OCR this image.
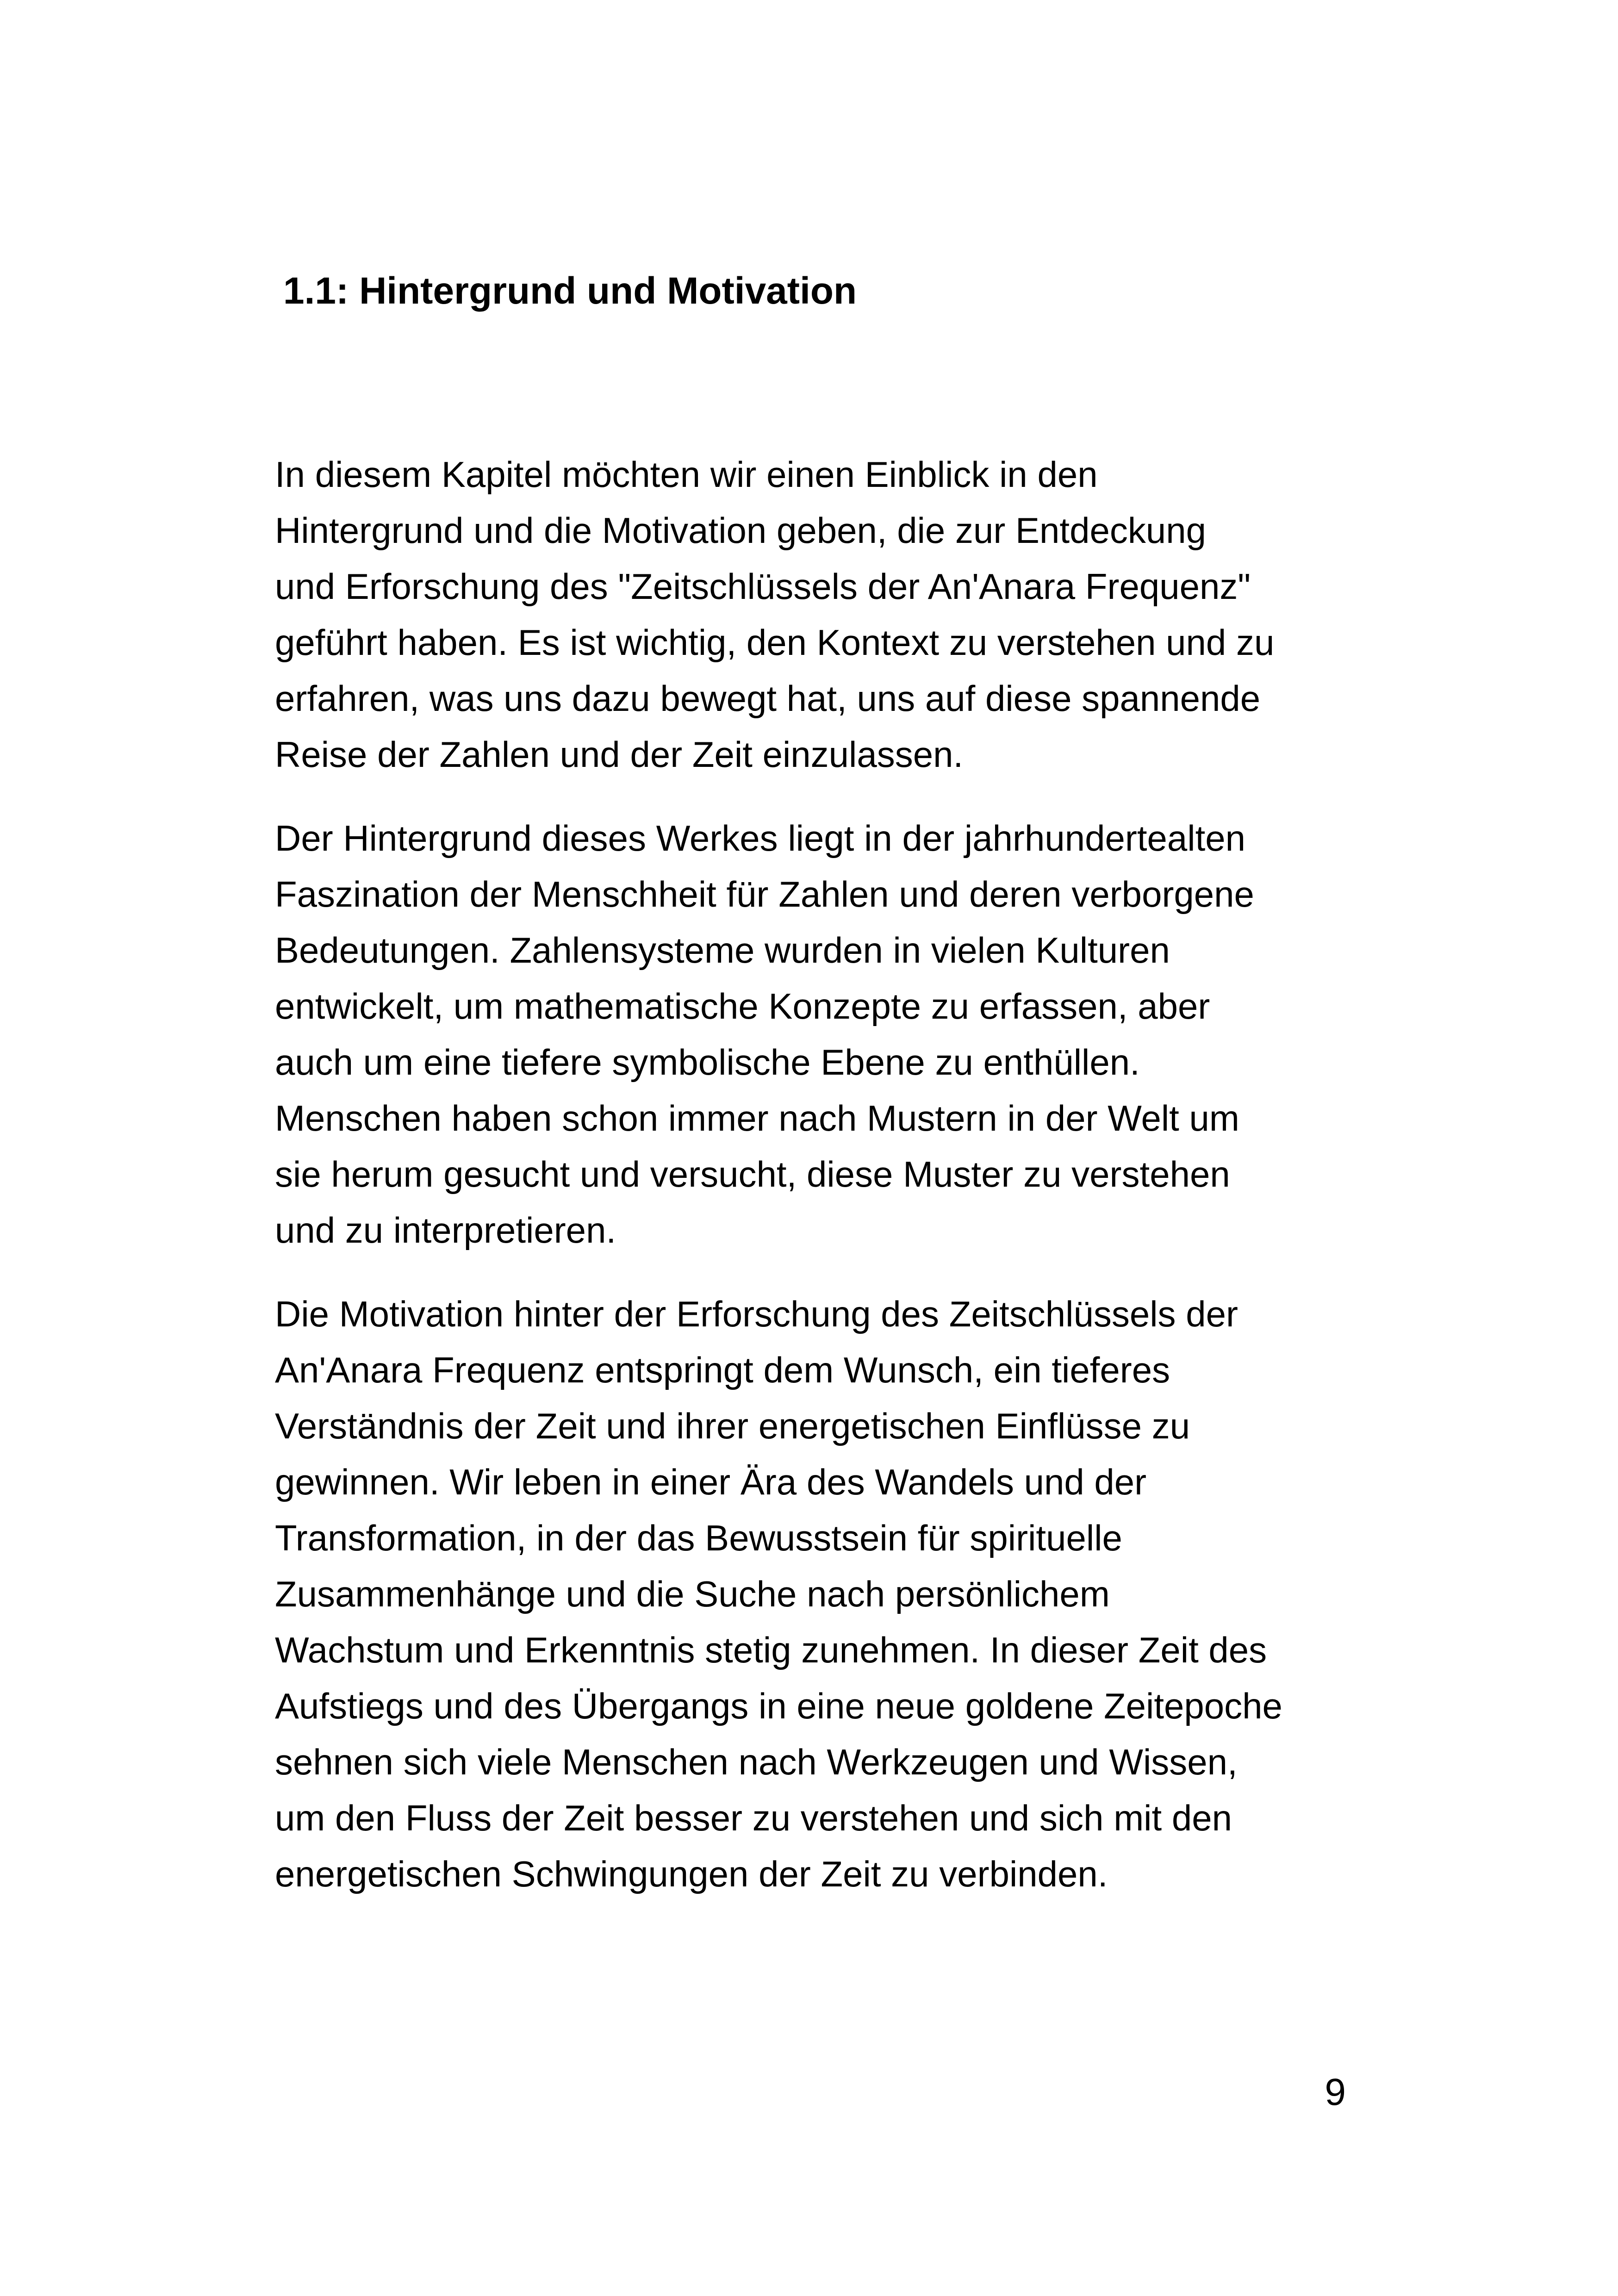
1.1: Hintergrund und Motivation
In diesem Kapitel möchten wir einen Einblick in den
Hintergrund und die Motivation geben, die zur Entdeckung
und Erforschung des "Zeitschlüssels der An'Anara Frequenz"
geführt haben. Es ist wichtig, den Kontext zu verstehen und zu
erfahren, was uns dazu bewegt hat, uns auf diese spannende
Reise der Zahlen und der Zeit einzulassen.
Der Hintergrund dieses Werkes liegt in der jahrhundertealten
Faszination der Menschheit für Zahlen und deren verborgene
Bedeutungen. Zahlensysteme wurden in vielen Kulturen
entwickelt, um mathematische Konzepte zu erfassen, aber
auch um eine tiefere symbolische Ebene zu enthüllen.
Menschen haben schon immer nach Mustern in der Welt um
sie herum gesucht und versucht, diese Muster zu verstehen
und zu interpretieren.
Die Motivation hinter der Erforschung des Zeitschlüssels der
An'Anara Frequenz entspringt dem Wunsch, ein tieferes
Verständnis der Zeit und ihrer energetischen Einflüsse zu
gewinnen. Wir leben in einer Ära des Wandels und der
Transformation, in der das Bewusstsein für spirituelle
Zusammenhänge und die Suche nach persönlichem
Wachstum und Erkenntnis stetig zunehmen. In dieser Zeit des
Aufstiegs und des Übergangs in eine neue goldene Zeitepoche
sehnen sich viele Menschen nach Werkzeugen und Wissen,
um den Fluss der Zeit besser zu verstehen und sich mit den
energetischen Schwingungen der Zeit zu verbinden.
9
